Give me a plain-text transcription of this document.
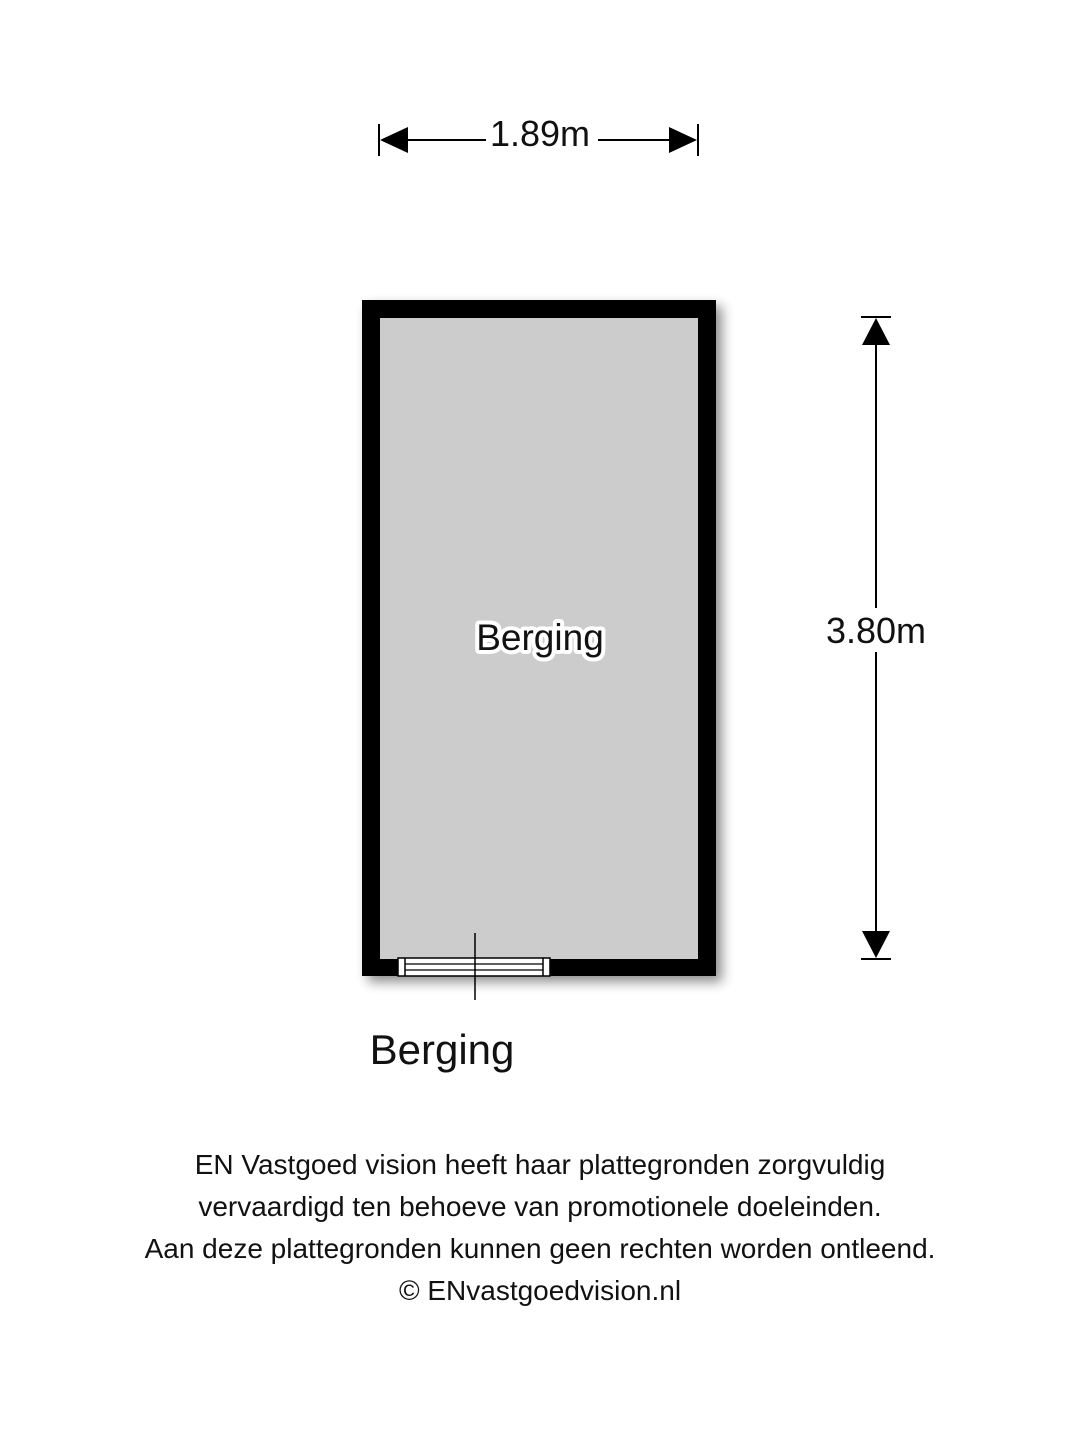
1.89m
3.80m
Berging
Berging
EN Vastgoed vision heeft haar plattegronden zorgvuldig
vervaardigd ten behoeve van promotionele doeleinden.
Aan deze plattegronden kunnen geen rechten worden ontleend.
© ENvastgoedvision.nl
